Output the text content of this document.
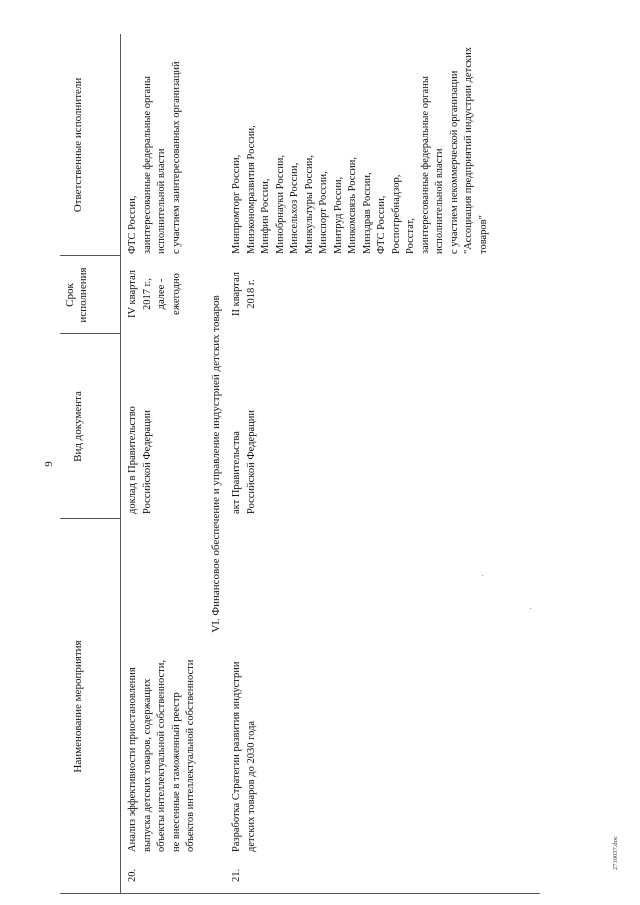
9
2710037.doc
Наименование мероприятия
Вид документа
Срок
исполнения
Ответственные исполнители
20.
Анализ эффективности приостановления
выпуска детских товаров, содержащих
объекты интеллектуальной собственности,
не внесенные в таможенный реестр
объектов интеллектуальной собственности
доклад в Правительство
Российской Федерации
IV квартал
2017 г.,
далее -
ежегодно
ФТС России,
заинтересованные федеральные органы
исполнительной власти
с участием заинтересованных организаций
VI. Финансовое обеспечение и управление индустрией детских товаров
21.
Разработка Стратегии развития индустрии
детских товаров до 2030 года
акт Правительства
Российской Федерации
II квартал
2018 г.
Минпромторг России,
Минэкономразвития России,
Минфин России,
Минобрнауки России,
Минсельхоз России,
Минкультуры России,
Минспорт России,
Минтруд России,
Минкомсвязь России,
Минздрав России,
ФТС России,
Роспотребнадзор,
Росстат,
заинтересованные федеральные органы
исполнительной власти
с участием некоммерческой организации
"Ассоциация предприятий индустрии детских
товаров"
